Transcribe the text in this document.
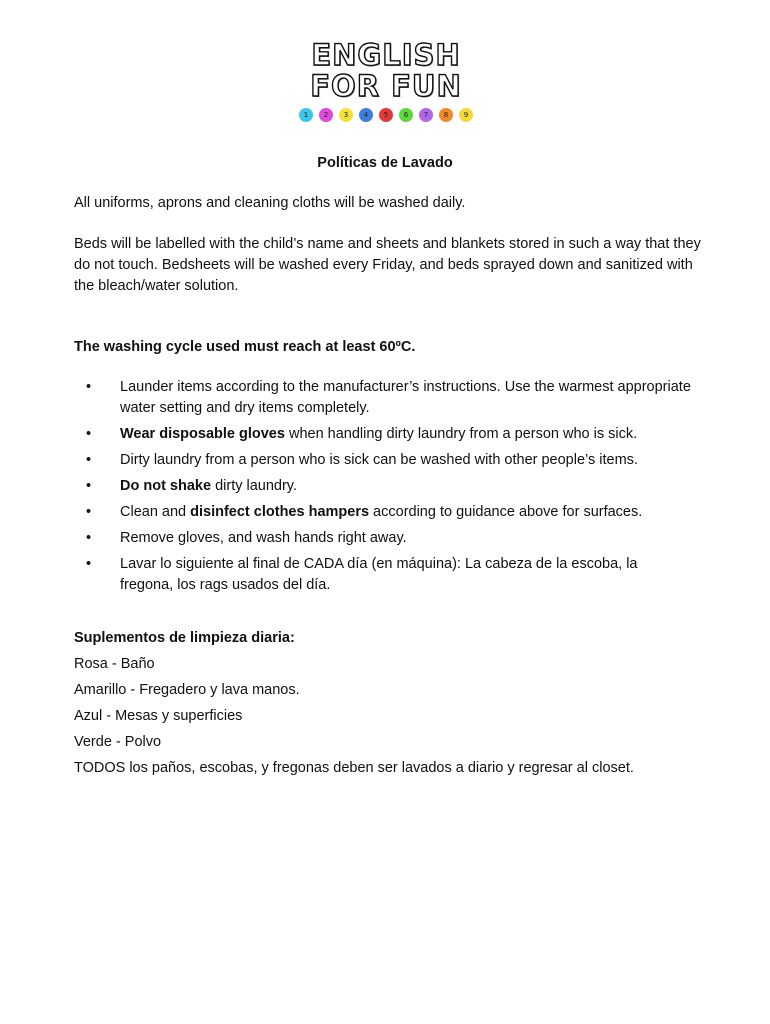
ENGLISH
FOR FUN
1	2	3	4	5	6	7	8	9
Políticas de Lavado

All uniforms, aprons and cleaning cloths will be washed daily.

Beds will be labelled with the child’s name and sheets and blankets stored in such a way that they do not touch. Bedsheets will be washed every Friday, and beds sprayed down and sanitized with the bleach/water solution.

The washing cycle used must reach at least 60ºC.

• Launder items according to the manufacturer’s instructions. Use the warmest appropriate water setting and dry items completely.
• Wear disposable gloves when handling dirty laundry from a person who is sick.
• Dirty laundry from a person who is sick can be washed with other people’s items.
• Do not shake dirty laundry.
• Clean and disinfect clothes hampers according to guidance above for surfaces.
• Remove gloves, and wash hands right away.
• Lavar lo siguiente al final de CADA día (en máquina): La cabeza de la escoba, la fregona, los rags usados del día.
Suplementos de limpieza diaria:
Rosa - Baño
Amarillo - Fregadero y lava manos.
Azul - Mesas y superficies
Verde - Polvo
TODOS los paños, escobas, y fregonas deben ser lavados a diario y regresar al closet.
